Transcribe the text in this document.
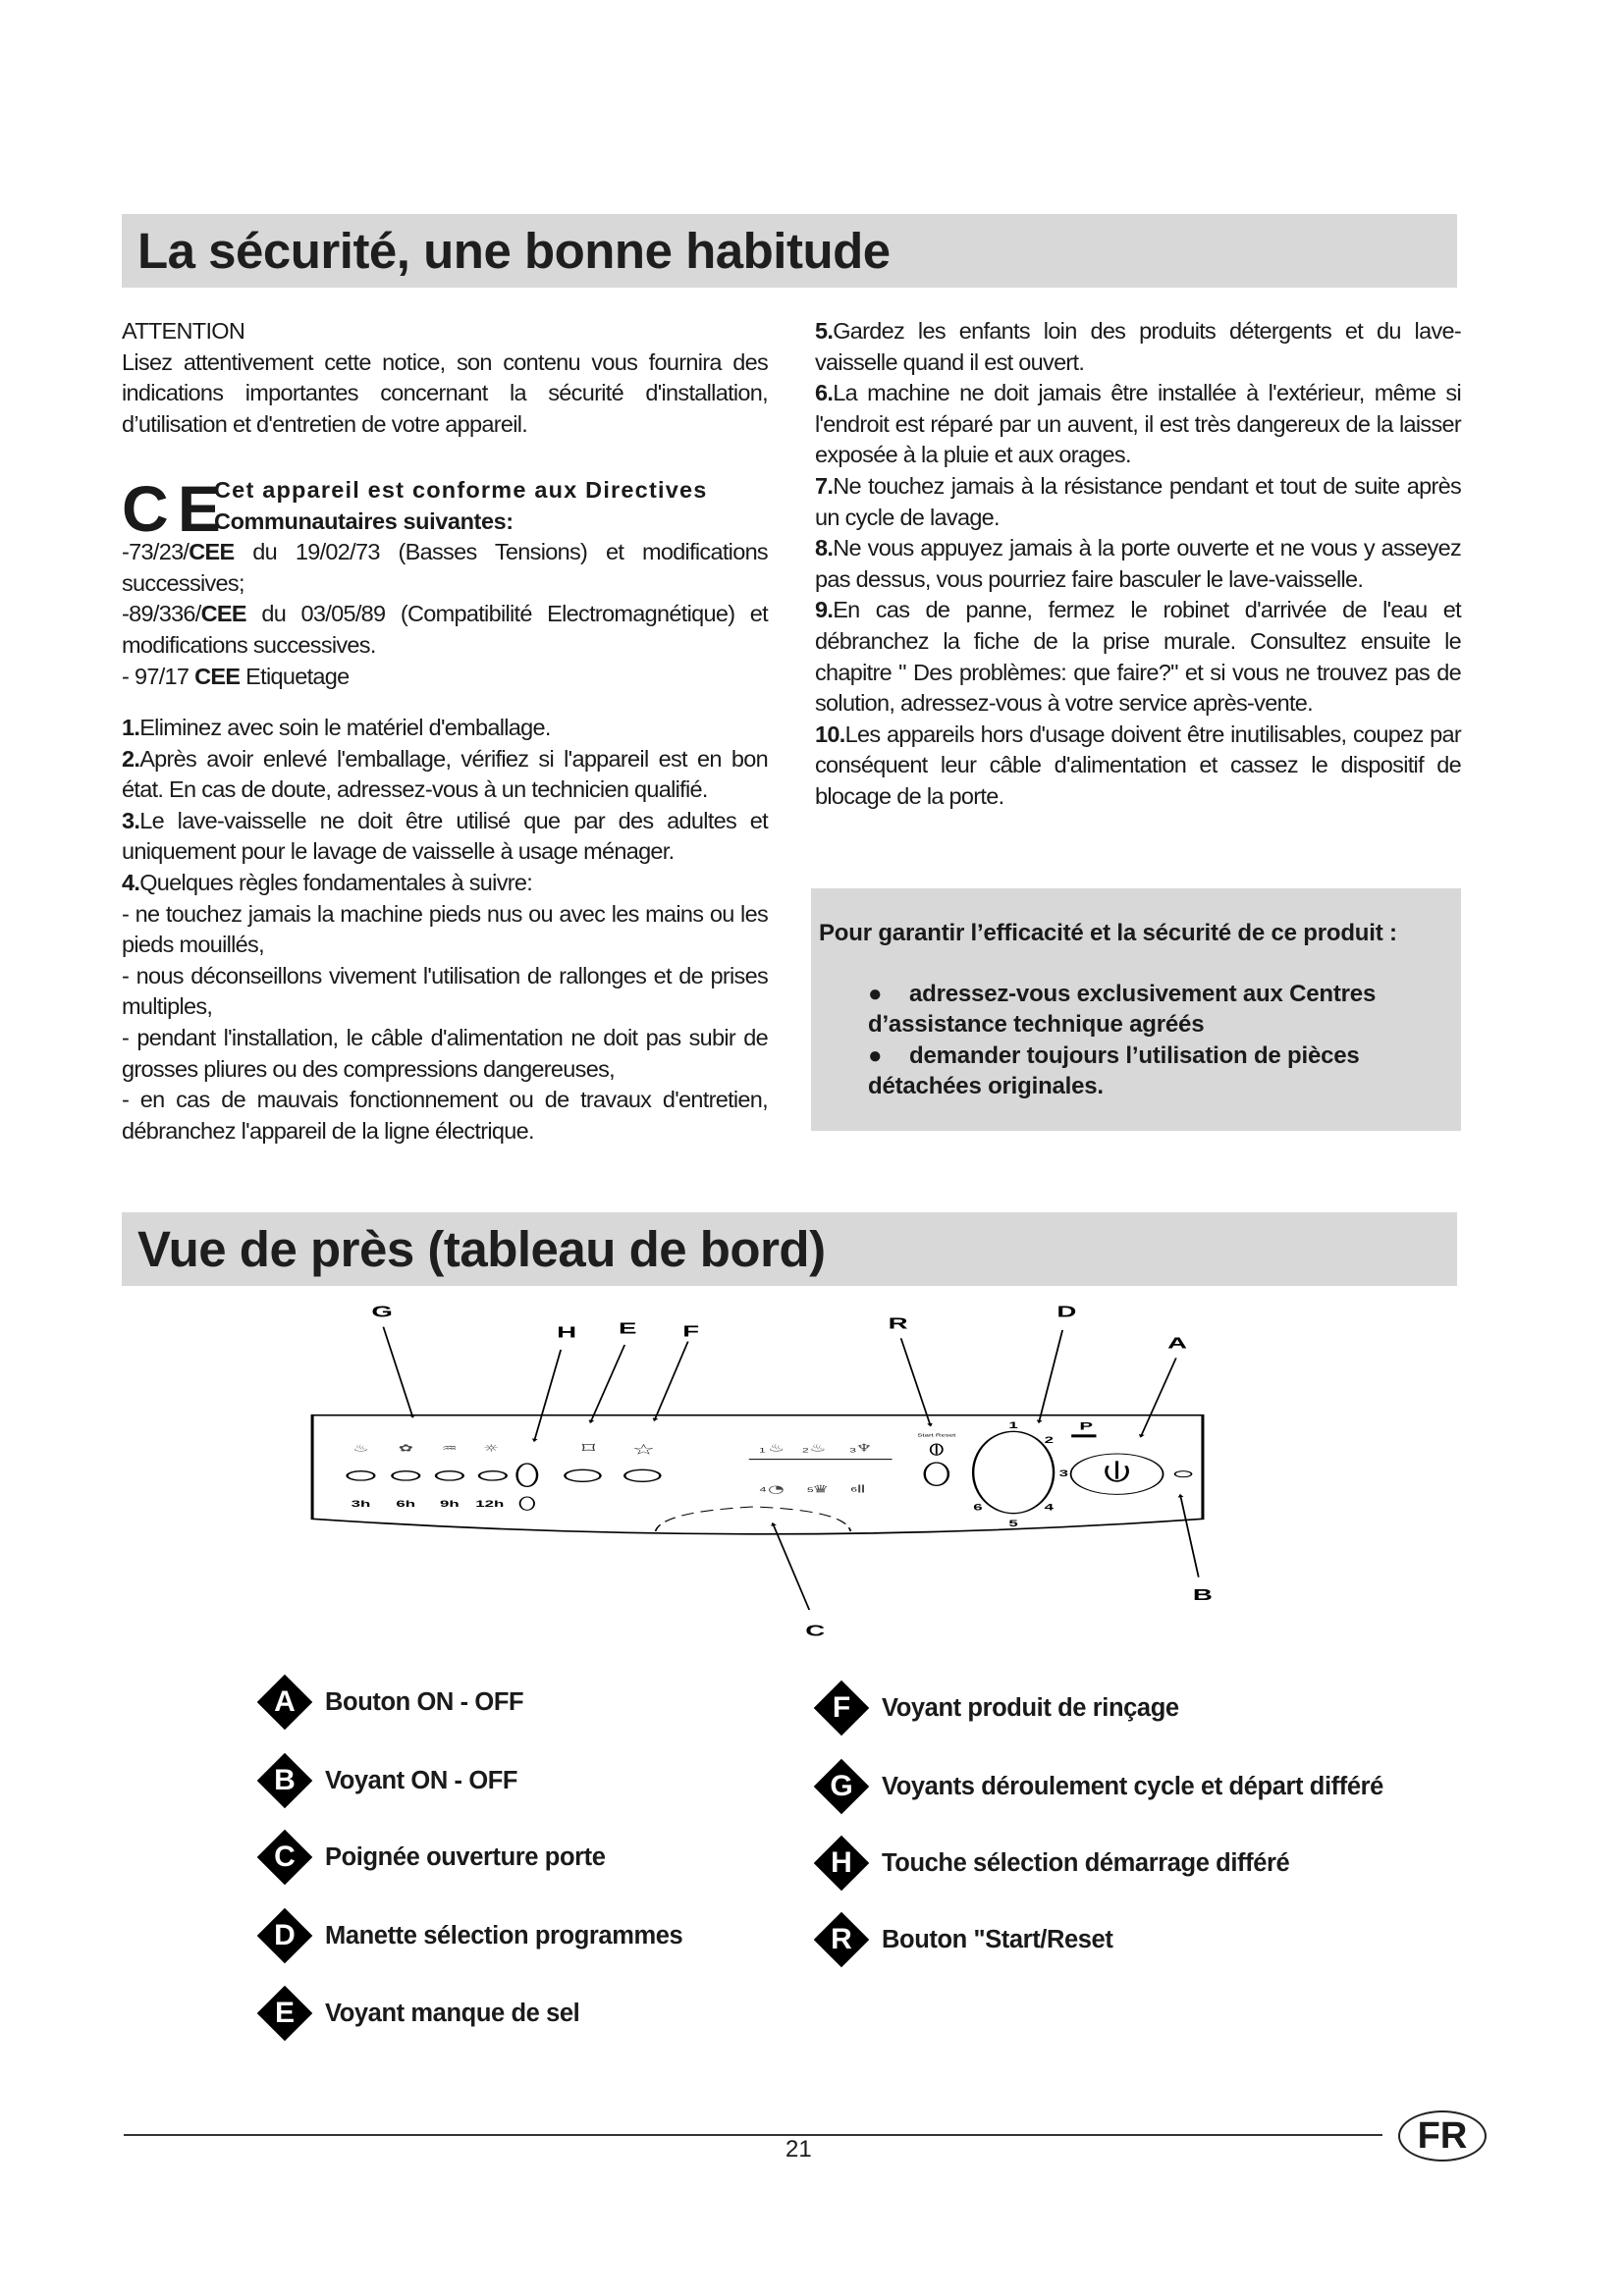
La sécurité, une bonne habitude

ATTENTION

Lisez attentivement cette notice, son contenu vous fournira des indications importantes concernant la sécurité d'installation, d’utilisation et d'entretien de votre appareil.

C E

Cet appareil est conforme aux Directives

Communautaires suivantes:

-73/23/CEE du 19/02/73 (Basses Tensions) et modifications successives;

-89/336/CEE du 03/05/89 (Compatibilité Electromagnétique) et modifications successives.

- 97/17 CEE Etiquetage

1.Eliminez avec soin le matériel d'emballage.

2.Après avoir enlevé l'emballage, vérifiez si l'appareil est en bon état. En cas de doute, adressez-vous à un technicien qualifié.

3.Le lave-vaisselle ne doit être utilisé que par des adultes et uniquement pour le lavage de vaisselle à usage ménager.

4.Quelques règles fondamentales à suivre:

- ne touchez jamais la machine pieds nus ou avec les mains ou les pieds mouillés,

- nous déconseillons vivement l'utilisation de rallonges et de prises multiples,

- pendant l'installation, le câble d'alimentation ne doit pas subir de grosses pliures ou des compressions dangereuses,

- en cas de mauvais fonctionnement ou de travaux d'entretien, débranchez l'appareil de la ligne électrique.

5.Gardez les enfants loin des produits détergents et du lave-vaisselle quand il est ouvert.

6.La machine ne doit jamais être installée à l'extérieur, même si l'endroit est réparé par un auvent, il est très dangereux de la laisser exposée à la pluie et aux orages.

7.Ne touchez jamais à la résistance pendant et tout de suite après un cycle de lavage.

8.Ne vous appuyez jamais à la porte ouverte et ne vous y asseyez pas dessus, vous pourriez faire basculer le lave-vaisselle.

9.En cas de panne, fermez le robinet d'arrivée de l'eau et débranchez la fiche de la prise murale. Consultez ensuite le chapitre " Des problèmes: que faire?" et si vous ne trouvez pas de solution, adressez-vous à votre service après-vente.

10.Les appareils hors d'usage doivent être inutilisables, coupez par conséquent leur câble d'alimentation et cassez le dispositif de blocage de la porte.

Pour garantir l’efficacité et la sécurité de ce produit :
● adressez-vous exclusivement aux Centres d’assistance technique agréés
● demander toujours l’utilisation de pièces détachées originales.
Vue de près (tableau de bord)
G
H E F	R
D
A
B
C
♨ ✿ ♒ ☼
3h 6h 9h 12h
⌑ ☆	1 2 3
4 5 6
♨ ♨ ♆
◔ ♛ Ⅱ
Start Reset
1
2
3
4
5
6
P
A	Bouton ON - OFF
B	Voyant ON - OFF
C	Poignée ouverture porte
D	Manette sélection programmes
E	Voyant manque de sel
F	Voyant produit de rinçage
G	Voyants déroulement cycle et départ différé
H	Touche sélection démarrage différé
R	Bouton "Start/Reset
21	FR
